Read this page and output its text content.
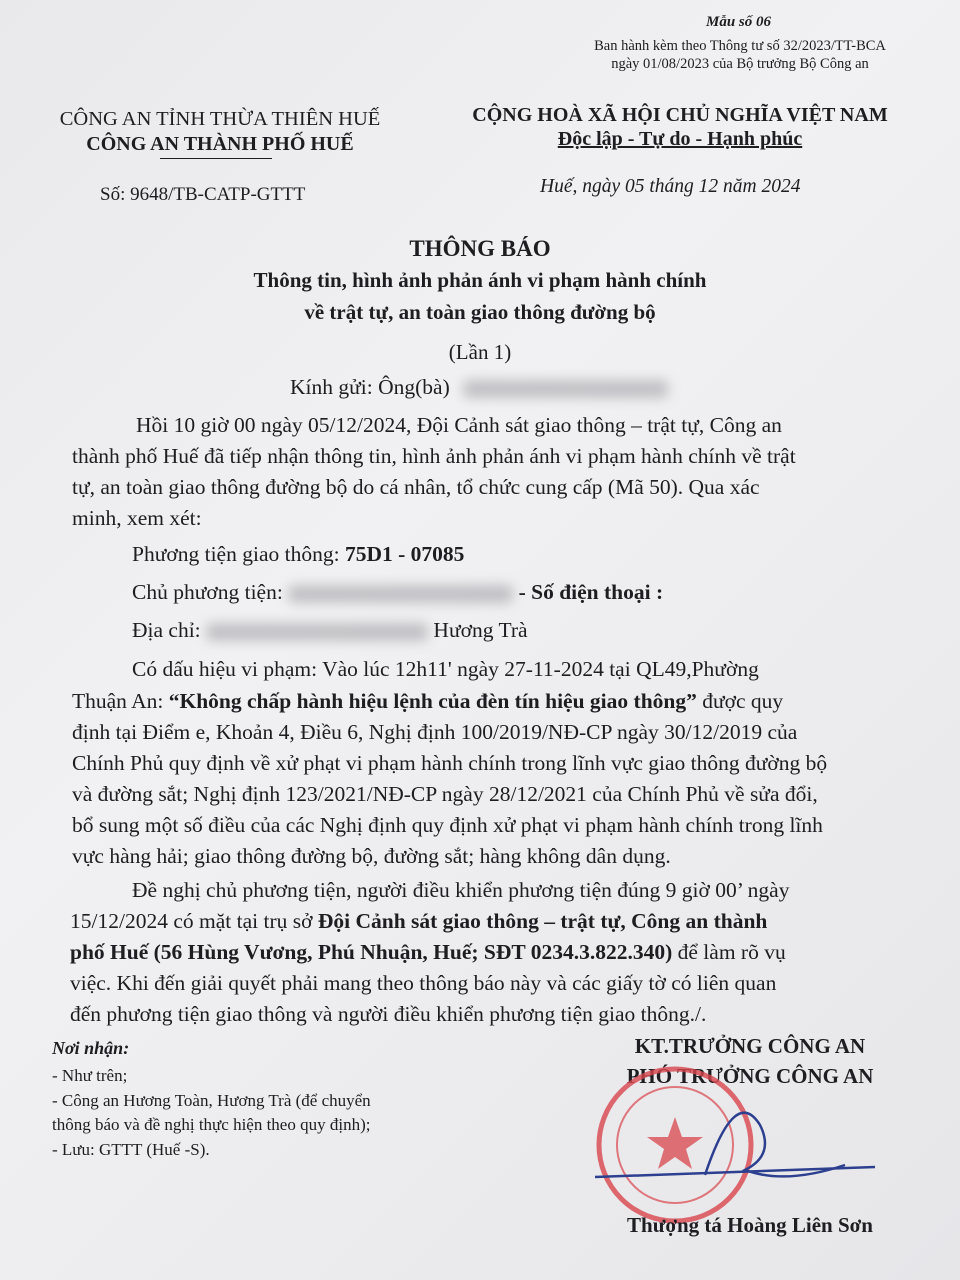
Mẫu số 06
Ban hành kèm theo Thông tư số 32/2023/TT-BCA
ngày 01/08/2023 của Bộ trưởng Bộ Công an
CÔNG AN TỈNH THỪA THIÊN HUẾ
CÔNG AN THÀNH PHỐ HUẾ
Số: 9648/TB-CATP-GTTT
CỘNG HOÀ XÃ HỘI CHỦ NGHĨA VIỆT NAM
Độc lập - Tự do - Hạnh phúc
Huế, ngày 05 tháng 12 năm 2024
THÔNG BÁO
Thông tin, hình ảnh phản ánh vi phạm hành chính
về trật tự, an toàn giao thông đường bộ
(Lần 1)
Kính gửi: Ông(bà)
Hồi 10 giờ 00 ngày 05/12/2024, Đội Cảnh sát giao thông – trật tự, Công an
thành phố Huế đã tiếp nhận thông tin, hình ảnh phản ánh vi phạm hành chính về trật
tự, an toàn giao thông đường bộ do cá nhân, tổ chức cung cấp (Mã 50). Qua xác
minh, xem xét:
Phương tiện giao thông: 75D1 - 07085
Chủ phương tiện:	- Số điện thoại :
Địa chỉ:	Hương Trà
Có dấu hiệu vi phạm: Vào lúc 12h11' ngày 27-11-2024 tại QL49,Phường
Thuận An: “Không chấp hành hiệu lệnh của đèn tín hiệu giao thông” được quy
định tại Điểm e, Khoản 4, Điều 6, Nghị định 100/2019/NĐ-CP ngày 30/12/2019 của
Chính Phủ quy định về xử phạt vi phạm hành chính trong lĩnh vực giao thông đường bộ
và đường sắt; Nghị định 123/2021/NĐ-CP ngày 28/12/2021 của Chính Phủ về sửa đổi,
bổ sung một số điều của các Nghị định quy định xử phạt vi phạm hành chính trong lĩnh
vực hàng hải; giao thông đường bộ, đường sắt; hàng không dân dụng.
Đề nghị chủ phương tiện, người điều khiển phương tiện đúng 9 giờ 00’ ngày
15/12/2024 có mặt tại trụ sở Đội Cảnh sát giao thông – trật tự, Công an thành
phố Huế (56 Hùng Vương, Phú Nhuận, Huế; SĐT 0234.3.822.340) để làm rõ vụ
việc. Khi đến giải quyết phải mang theo thông báo này và các giấy tờ có liên quan
đến phương tiện giao thông và người điều khiển phương tiện giao thông./.
Nơi nhận:
- Như trên;
- Công an Hương Toàn, Hương Trà (để chuyển
thông báo và đề nghị thực hiện theo quy định);
- Lưu: GTTT (Huế -S).
KT.TRƯỞNG CÔNG AN
PHÓ TRƯỞNG CÔNG AN
Thượng tá Hoàng Liên Sơn
